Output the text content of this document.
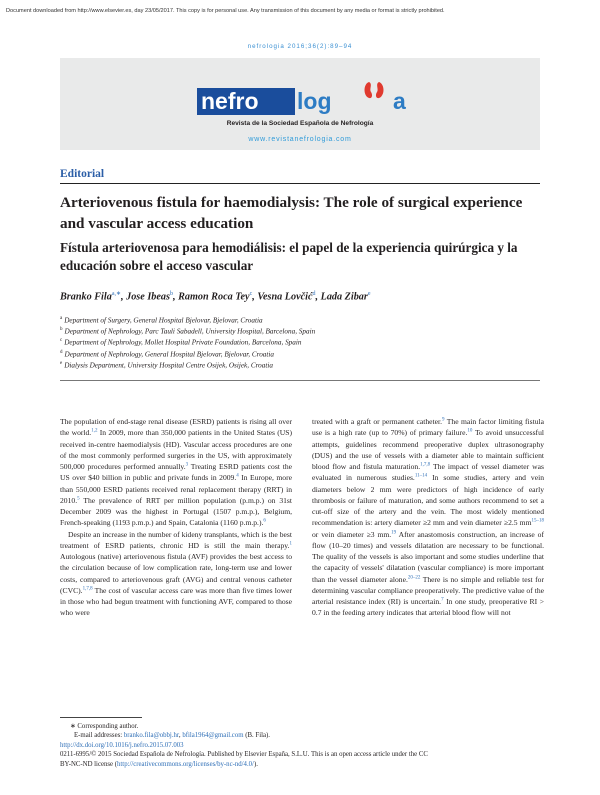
Document downloaded from http://www.elsevier.es, day 23/05/2017. This copy is for personal use. Any transmission of this document by any media or format is strictly prohibited.
nefrologia 2016;36(2):89–94
nefro log	a
Revista de la Sociedad Española de Nefrología
www.revistanefrologia.com
Editorial
Arteriovenous fistula for haemodialysis: The role of surgical experience and vascular access education
Fístula arteriovenosa para hemodiálisis: el papel de la experiencia quirúrgica y la educación sobre el acceso vascular
Branko Fila$^{a,∗}$, Jose Ibeas$^b$, Ramon Roca Tey$^c$, Vesna Lovčić$^d$, Lada Zibar$^e$
$^a$ Department of Surgery, General Hospital Bjelovar, Bjelovar, Croatia
$^b$ Department of Nephrology, Parc Tauli Sabadell, University Hospital, Barcelona, Spain
$^c$ Department of Nephrology, Mollet Hospital Private Foundation, Barcelona, Spain
$^d$ Department of Nephrology, General Hospital Bjelovar, Bjelovar, Croatia
$^e$ Dialysis Department, University Hospital Centre Osijek, Osijek, Croatia

The population of end-stage renal disease (ESRD) patients is rising all over the world.$^{1,2}$ In 2009, more than 350,000 patients in the United States (US) received in-centre haemodialysis (HD). Vascular access procedures are one of the most commonly performed surgeries in the US, with approximately 500,000 procedures performed annually.$^3$ Treating ESRD patients cost the US over $40 billion in public and private funds in 2009.$^4$ In Europe, more than 550,000 ESRD patients received renal replacement therapy (RRT) in 2010.$^5$ The prevalence of RRT per million population (p.m.p.) on 31st December 2009 was the highest in Portugal (1507 p.m.p.), Belgium, French-speaking (1193 p.m.p.) and Spain, Catalonia (1160 p.m.p.).$^6$

Despite an increase in the number of kideny transplants, which is the best treatment of ESRD patients, chronic HD is still the main therapy.$^1$ Autologous (native) arteriovenous fistula (AVF) provides the best access to the circulation because of low complication rate, long-term use and lower costs, compared to arteriovenous graft (AVG) and central venous catheter (CVC).$^{1,7,8}$ The cost of vascular access care was more than five times lower in those who had begun treatment with functioning AVF, compared to those who were

treated with a graft or permanent catheter.$^9$ The main factor limiting fistula use is a high rate (up to 70%) of primary failure.$^{10}$ To avoid unsuccessful attempts, guidelines recommend preoperative duplex ultrasonography (DUS) and the use of vessels with a diameter able to maintain sufficient blood flow and fistula maturation.$^{1,7,8}$ The impact of vessel diameter was evaluated in numerous studies.$^{11-14}$ In some studies, artery and vein diameters below 2 mm were predictors of high incidence of early thrombosis or failure of maturation, and some authors recommend to set a cut-off size of the artery and the vein. The most widely mentioned recommendation is: artery diameter ≥2 mm and vein diameter ≥2.5 $mm^{15-18}$ or vein diameter ≥3 mm.$^{19}$ After anastomosis construction, an increase of flow (10–20 times) and vessels dilatation are necessary to be functional. The quality of the vessels is also important and some studies underline that the capacity of vessels' dilatation (vascular compliance) is more important than the vessel diameter alone.$^{20-22}$ There is no simple and reliable test for determining vascular compliance preoperatively. The predictive value of the arterial resistance index (RI) is uncertain.$^7$ In one study, preoperative RI > 0.7 in the feeding artery indicates that arterial blood flow will not

∗ Corresponding author.
E-mail addresses: branko.fila@obbj.hr, bfila1964@gmail.com (B. Fila).
http://dx.doi.org/10.1016/j.nefro.2015.07.003
0211-6995/© 2015 Sociedad Española de Nefrología. Published by Elsevier España, S.L.U. This is an open access article under the CC
BY-NC-ND license (http://creativecommons.org/licenses/by-nc-nd/4.0/).
